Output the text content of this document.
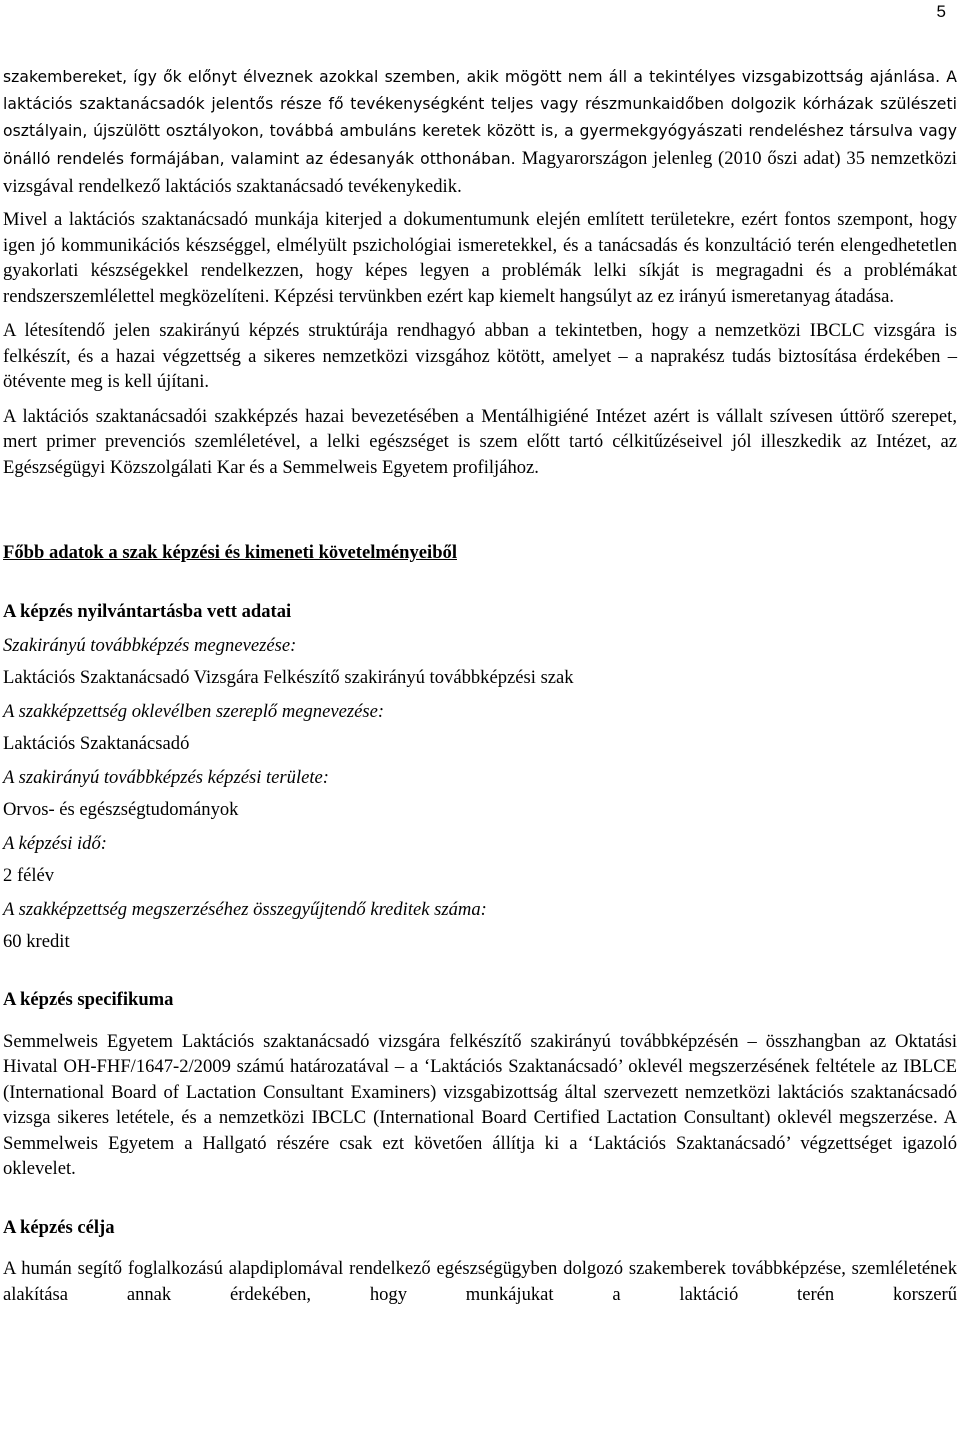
5

szakembereket, így ők előnyt élveznek azokkal szemben, akik mögött nem áll a tekintélyes vizsgabizottság ajánlása. A laktációs szaktanácsadók jelentős része fő tevékenységként teljes vagy részmunkaidőben dolgozik kórházak szülészeti osztályain, újszülött osztályokon, továbbá ambuláns keretek között is, a gyermekgyógyászati rendeléshez társulva vagy önálló rendelés formájában, valamint az édesanyák otthonában. Magyarországon jelenleg (2010 őszi adat) 35 nemzetközi vizsgával rendelkező laktációs szaktanácsadó tevékenykedik.

Mivel a laktációs szaktanácsadó munkája kiterjed a dokumentumunk elején említett területekre, ezért fontos szempont, hogy igen jó kommunikációs készséggel, elmélyült pszichológiai ismeretekkel, és a tanácsadás és konzultáció terén elengedhetetlen gyakorlati készségekkel rendelkezzen, hogy képes legyen a problémák lelki síkját is megragadni és a problémákat rendszerszemlélettel megközelíteni. Képzési tervünkben ezért kap kiemelt hangsúlyt az ez irányú ismeretanyag átadása.

A létesítendő jelen szakirányú képzés struktúrája rendhagyó abban a tekintetben, hogy a nemzetközi IBCLC vizsgára is felkészít, és a hazai végzettség a sikeres nemzetközi vizsgához kötött, amelyet – a naprakész tudás biztosítása érdekében – ötévente meg is kell újítani.

A laktációs szaktanácsadói szakképzés hazai bevezetésében a Mentálhigiéné Intézet azért is vállalt szívesen úttörő szerepet, mert primer prevenciós szemléletével, a lelki egészséget is szem előtt tartó célkitűzéseivel jól illeszkedik az Intézet, az Egészségügyi Közszolgálati Kar és a Semmelweis Egyetem profiljához.

Főbb adatok a szak képzési és kimeneti követelményeiből
A képzés nyilvántartásba vett adatai
Szakirányú továbbképzés megnevezése:
Laktációs Szaktanácsadó Vizsgára Felkészítő szakirányú továbbképzési szak
A szakképzettség oklevélben szereplő megnevezése:
Laktációs Szaktanácsadó
A szakirányú továbbképzés képzési területe:
Orvos- és egészségtudományok
A képzési idő:
2 félév
A szakképzettség megszerzéséhez összegyűjtendő kreditek száma:
60 kredit
A képzés specifikuma

Semmelweis Egyetem Laktációs szaktanácsadó vizsgára felkészítő szakirányú továbbképzésén – összhangban az Oktatási Hivatal OH-FHF/1647-2/2009 számú határozatával – a ‘Laktációs Szaktanácsadó’ oklevél megszerzésének feltétele az IBLCE (International Board of Lactation Consultant Examiners) vizsgabizottság által szervezett nemzetközi laktációs szaktanácsadó vizsga sikeres letétele, és a nemzetközi IBCLC (International Board Certified Lactation Consultant) oklevél megszerzése. A Semmelweis Egyetem a Hallgató részére csak ezt követően állítja ki a ‘Laktációs Szaktanácsadó’ végzettséget igazoló oklevelet.

A képzés célja

A humán segítő foglalkozású alapdiplomával rendelkező egészségügyben dolgozó szakemberek továbbképzése, szemléletének alakítása annak érdekében, hogy munkájukat a laktáció terén korszerű
